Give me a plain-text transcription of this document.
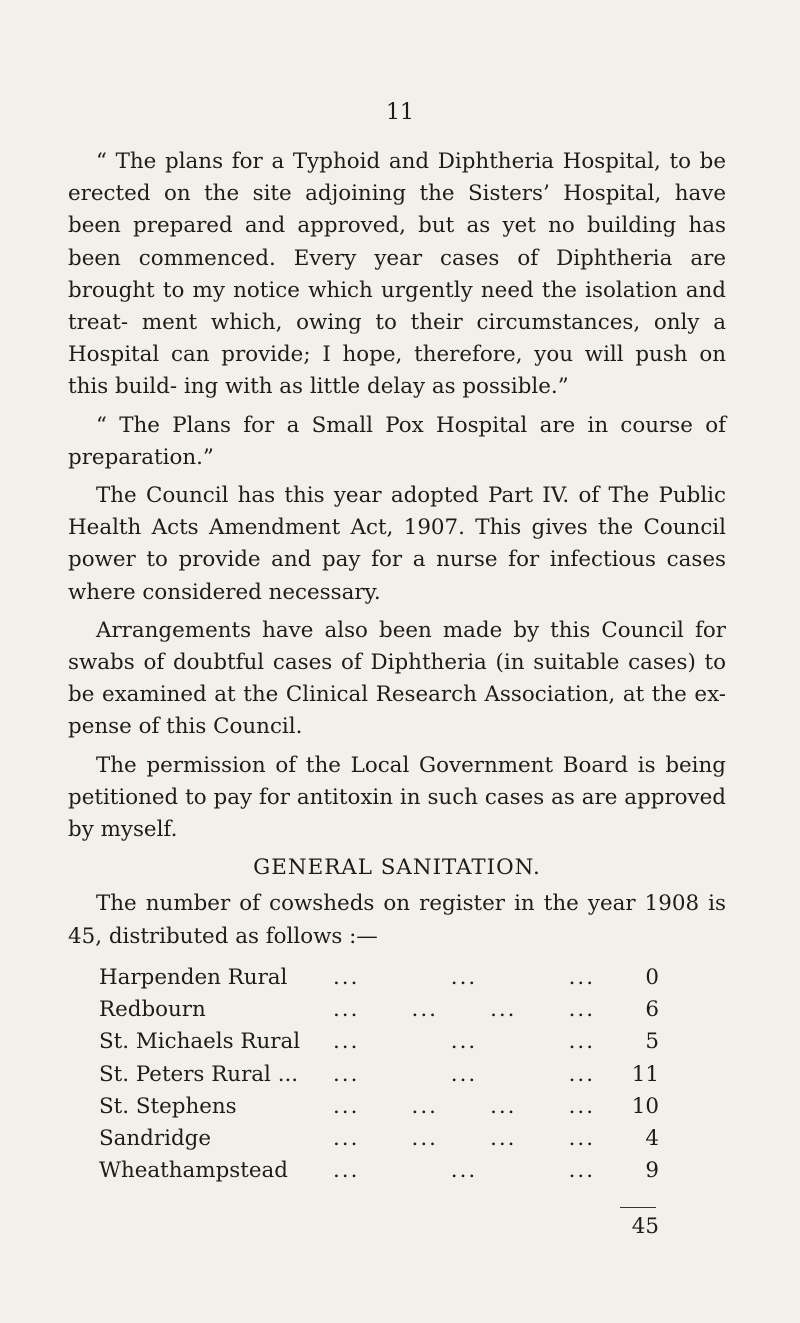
11

“ The plans for a Typhoid and Diphtheria Hospital, to be erected on the site adjoining the Sisters’ Hospital, have been prepared and approved, but as yet no building has been commenced. Every year cases of Diphtheria are brought to my notice which urgently need the isolation and treat- ment which, owing to their circumstances, only a Hospital can provide; I hope, therefore, you will push on this build- ing with as little delay as possible.”

“ The Plans for a Small Pox Hospital are in course of preparation.”

The Council has this year adopted Part IV. of The Public Health Acts Amendment Act, 1907. This gives the Council power to provide and pay for a nurse for infectious cases where considered necessary.

Arrangements have also been made by this Council for swabs of doubtful cases of Diphtheria (in suitable cases) to be examined at the Clinical Research Association, at the ex- pense of this Council.

The permission of the Local Government Board is being petitioned to pay for antitoxin in such cases as are approved by myself.

GENERAL SANITATION.

The number of cowsheds on register in the year 1908 is 45, distributed as follows :—

Harpenden Rural	...	...	...	0
Redbourn	... ... ... ...	6
St. Michaels Rural	...	...	...	5
St. Peters Rural ...	...	...	...	11
St. Stephens	... ... ... ...	10
Sandridge	... ... ... ...	4
Wheathampstead	...	...	...	9
45
